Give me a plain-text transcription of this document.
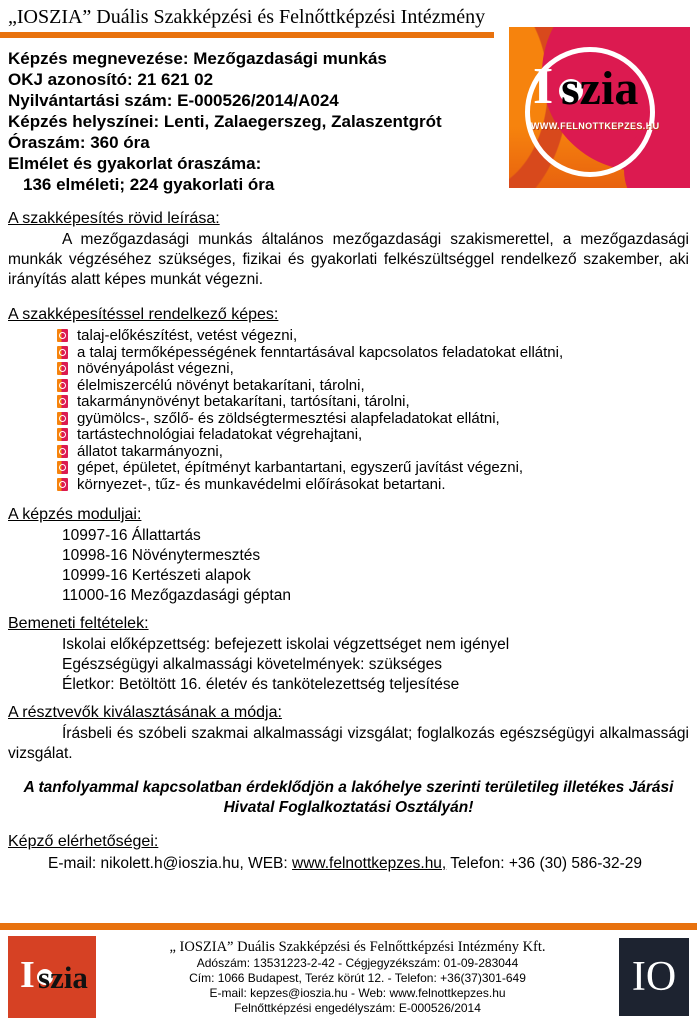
„IOSZIA” Duális Szakképzési és Felnőttképzési Intézmény
I szia
WWW.FELNOTTKEPZES.HU
Képzés megnevezése: Mezőgazdasági munkás
OKJ azonosító: 21 621 02
Nyilvántartási szám: E-000526/2014/A024
Képzés helyszínei: Lenti, Zalaegerszeg, Zalaszentgrót
Óraszám: 360 óra
Elmélet és gyakorlat óraszáma:
136 elméleti; 224 gyakorlati óra
A szakképesítés rövid leírása:

A mezőgazdasági munkás általános mezőgazdasági szakismerettel, a mezőgazdasági munkák végzéséhez szükséges, fizikai és gyakorlati felkészültséggel rendelkező szakember, aki irányítás alatt képes munkát végezni.

A szakképesítéssel rendelkező képes:
talaj-előkészítést, vetést végezni,
a talaj termőképességének fenntartásával kapcsolatos feladatokat ellátni,
növényápolást végezni,
élelmiszercélú növényt betakarítani, tárolni,
takarmánynövényt betakarítani, tartósítani, tárolni,
gyümölcs-, szőlő- és zöldségtermesztési alapfeladatokat ellátni,
tartástechnológiai feladatokat végrehajtani,
állatot takarmányozni,
gépet, épületet, építményt karbantartani, egyszerű javítást végezni,
környezet-, tűz- és munkavédelmi előírásokat betartani.
A képzés moduljai:
10997-16 Állattartás
10998-16 Növénytermesztés
10999-16 Kertészeti alapok
11000-16 Mezőgazdasági géptan
Bemeneti feltételek:
Iskolai előképzettség: befejezett iskolai végzettséget nem igényel
Egészségügyi alkalmassági követelmények: szükséges
Életkor: Betöltött 16. életév és tankötelezettség teljesítése
A résztvevők kiválasztásának a módja:

Írásbeli és szóbeli szakmai alkalmassági vizsgálat; foglalkozás egészségügyi alkalmassági vizsgálat.

A tanfolyammal kapcsolatban érdeklődjön a lakóhelye szerinti területileg illetékes Járási Hivatal Foglalkoztatási Osztályán!

Képző elérhetőségei:
E-mail: nikolett.h@ioszia.hu, WEB: www.felnottkepzes.hu, Telefon: +36 (30) 586-32-29
I szia
„ IOSZIA” Duális Szakképzési és Felnőttképzési Intézmény Kft.
Adószám: 13531223-2-42 - Cégjegyzékszám: 01-09-283044
Cím: 1066 Budapest, Teréz körút 12. - Telefon: +36(37)301-649
E-mail: kepzes@ioszia.hu - Web: www.felnottkepzes.hu
Felnőttképzési engedélyszám: E-000526/2014
IO
